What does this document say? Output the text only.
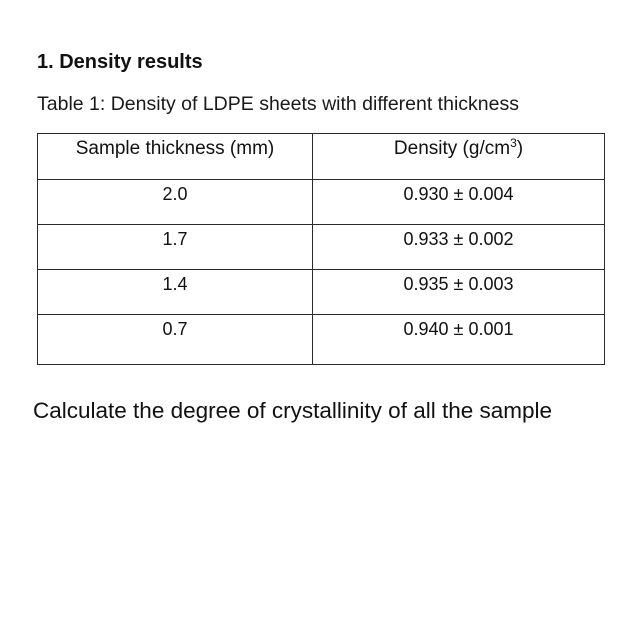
1. Density results
Table 1: Density of LDPE sheets with different thickness
Sample thickness (mm)	Density $(g/cm^3)$
2.0	0.930 ± 0.004
1.7	0.933 ± 0.002
1.4	0.935 ± 0.003
0.7	0.940 ± 0.001
Calculate the degree of crystallinity of all the sample
